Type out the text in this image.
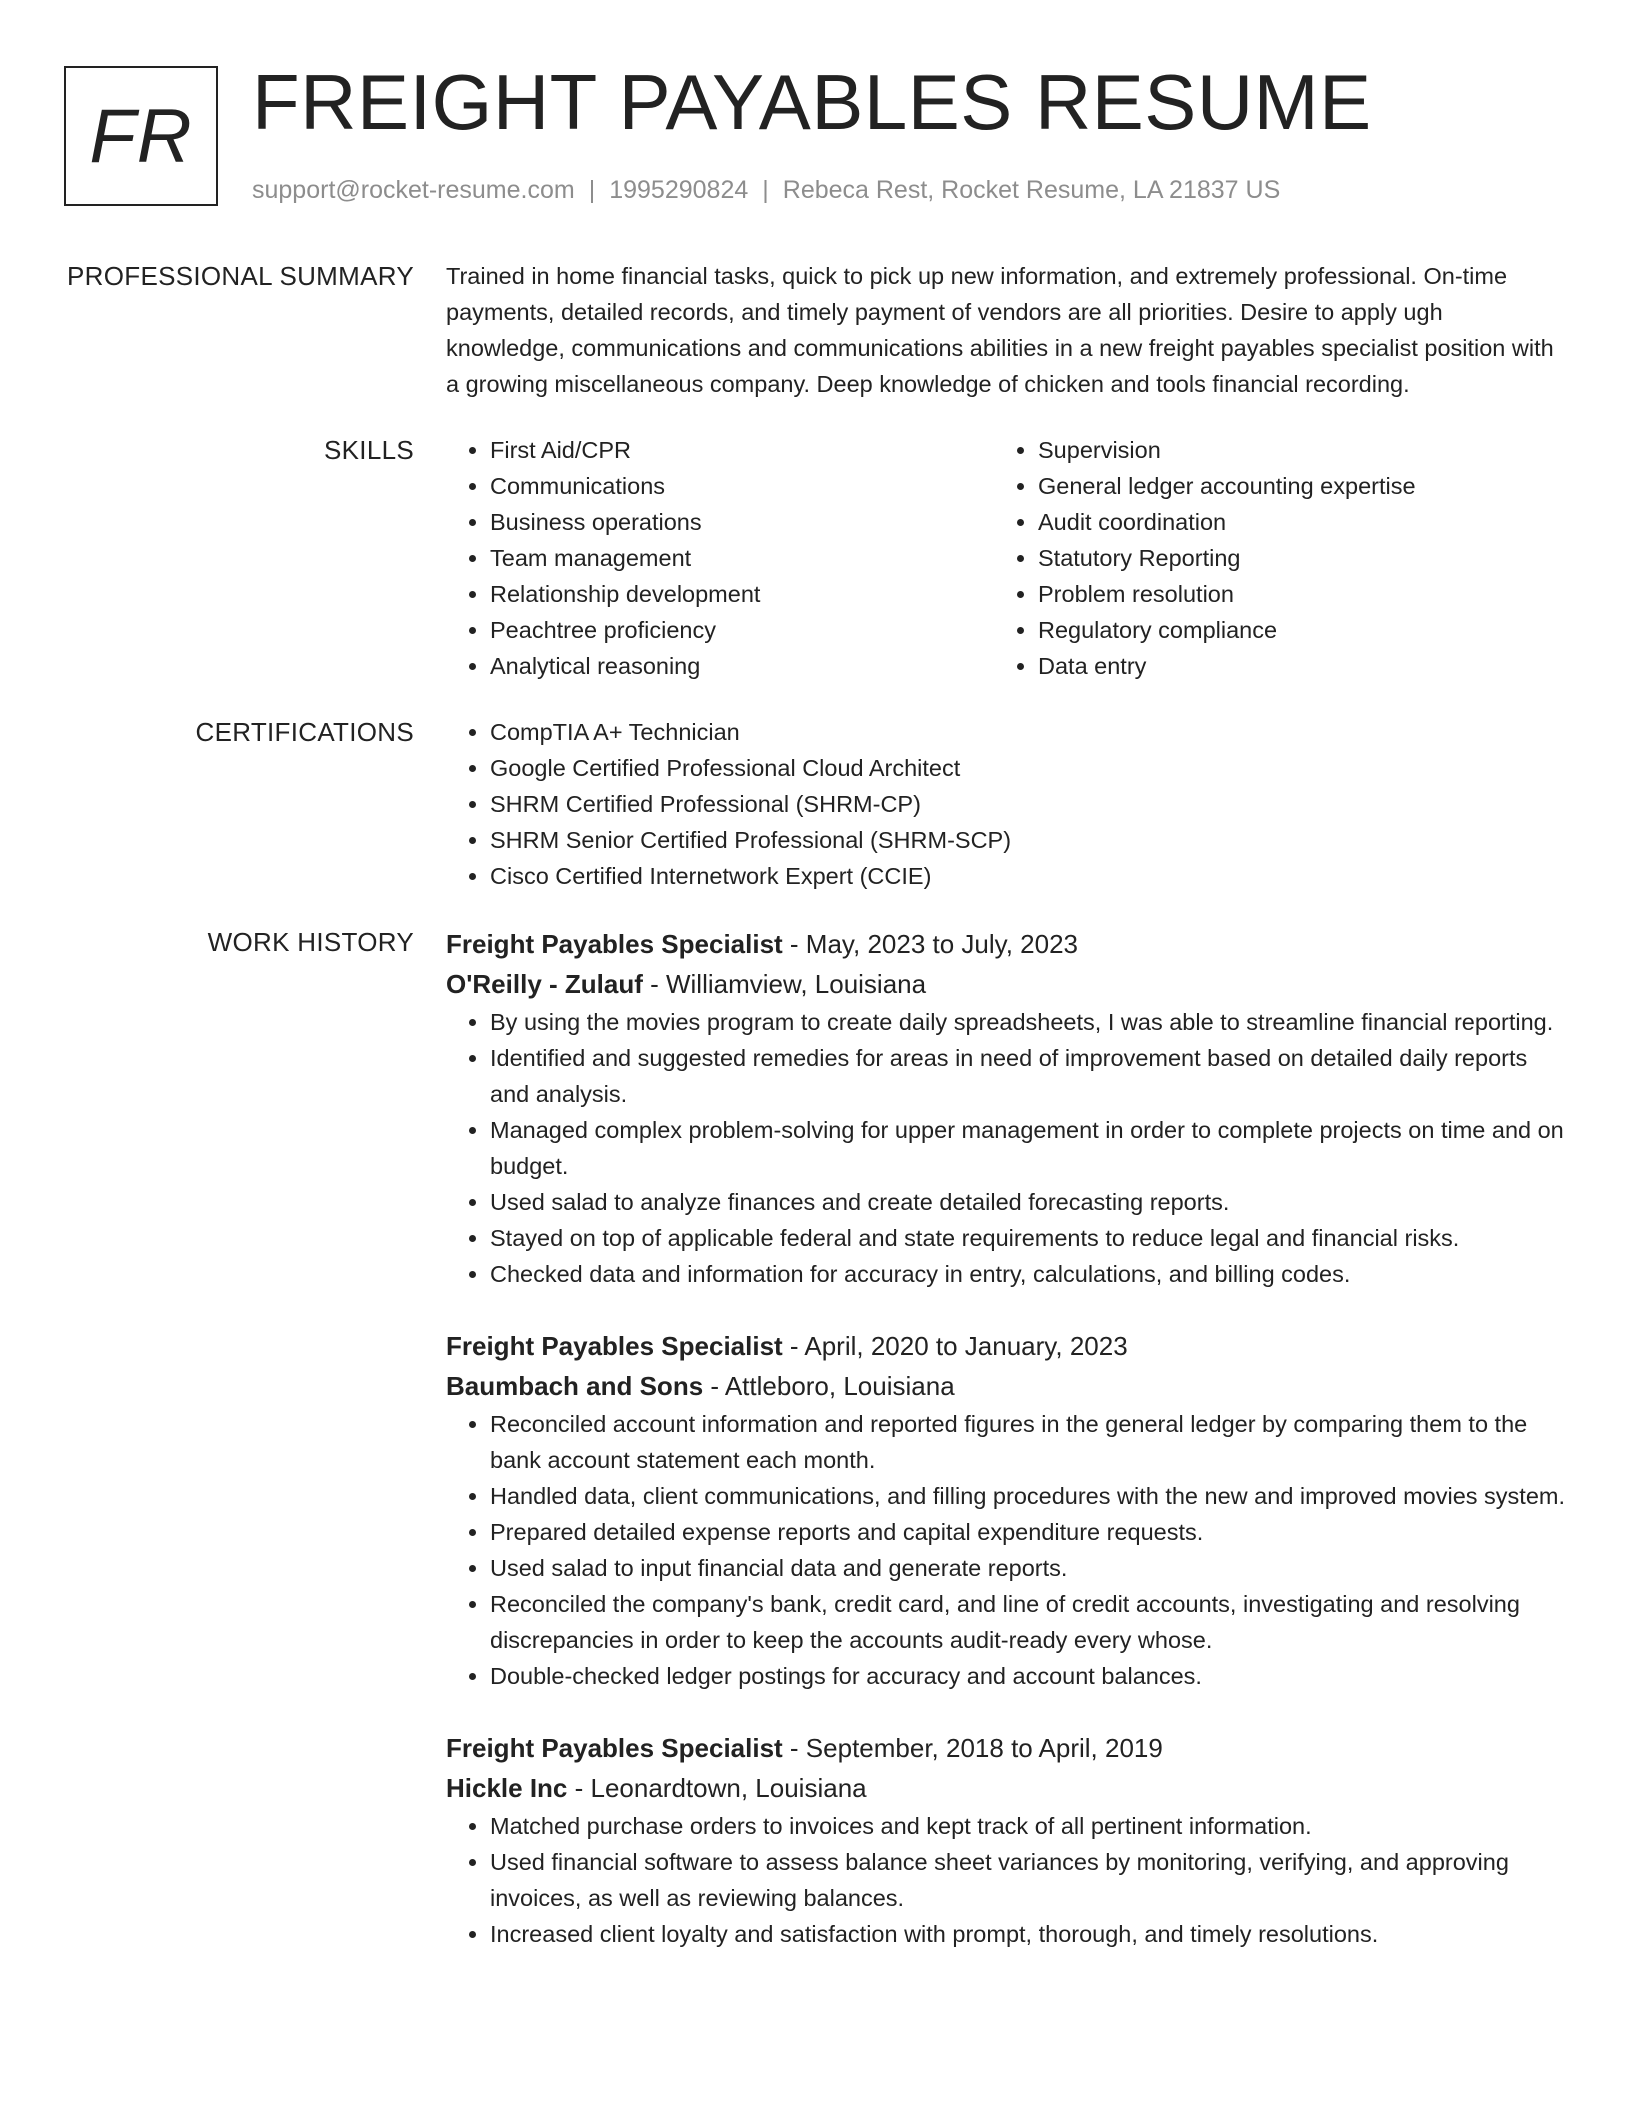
FR FREIGHT PAYABLES RESUME
support@rocket-resume.com | 1995290824 | Rebeca Rest, Rocket Resume, LA 21837 US
PROFESSIONAL SUMMARY Trained in home financial tasks, quick to pick up new information, and extremely professional. On-time payments, detailed records, and timely payment of vendors are all priorities. Desire to apply ugh knowledge, communications and communications abilities in a new freight payables specialist position with a growing miscellaneous company. Deep knowledge of chicken and tools financial recording.

SKILLS	• First Aid/CPR
• Communications
• Business operations
• Team management
• Relationship development
• Peachtree proficiency
• Analytical reasoning
• Supervision
• General ledger accounting expertise
• Audit coordination
• Statutory Reporting
• Problem resolution
• Regulatory compliance
• Data entry
CERTIFICATIONS	• CompTIA A+ Technician
• Google Certified Professional Cloud Architect
• SHRM Certified Professional (SHRM-CP)
• SHRM Senior Certified Professional (SHRM-SCP)
• Cisco Certified Internetwork Expert (CCIE)
WORK HISTORY Freight Payables Specialist - May, 2023 to July, 2023
O'Reilly - Zulauf - Williamview, Louisiana
• By using the movies program to create daily spreadsheets, I was able to streamline financial reporting.
• Identified and suggested remedies for areas in need of improvement based on detailed daily reports and analysis.
• Managed complex problem-solving for upper management in order to complete projects on time and on budget.
• Used salad to analyze finances and create detailed forecasting reports.
• Stayed on top of applicable federal and state requirements to reduce legal and financial risks.
• Checked data and information for accuracy in entry, calculations, and billing codes.
Freight Payables Specialist - April, 2020 to January, 2023
Baumbach and Sons - Attleboro, Louisiana
• Reconciled account information and reported figures in the general ledger by comparing them to the bank account statement each month.
• Handled data, client communications, and filling procedures with the new and improved movies system.
• Prepared detailed expense reports and capital expenditure requests.
• Used salad to input financial data and generate reports.
• Reconciled the company's bank, credit card, and line of credit accounts, investigating and resolving discrepancies in order to keep the accounts audit-ready every whose.
• Double-checked ledger postings for accuracy and account balances.
Freight Payables Specialist - September, 2018 to April, 2019
Hickle Inc - Leonardtown, Louisiana
• Matched purchase orders to invoices and kept track of all pertinent information.
• Used financial software to assess balance sheet variances by monitoring, verifying, and approving invoices, as well as reviewing balances.
• Increased client loyalty and satisfaction with prompt, thorough, and timely resolutions.
